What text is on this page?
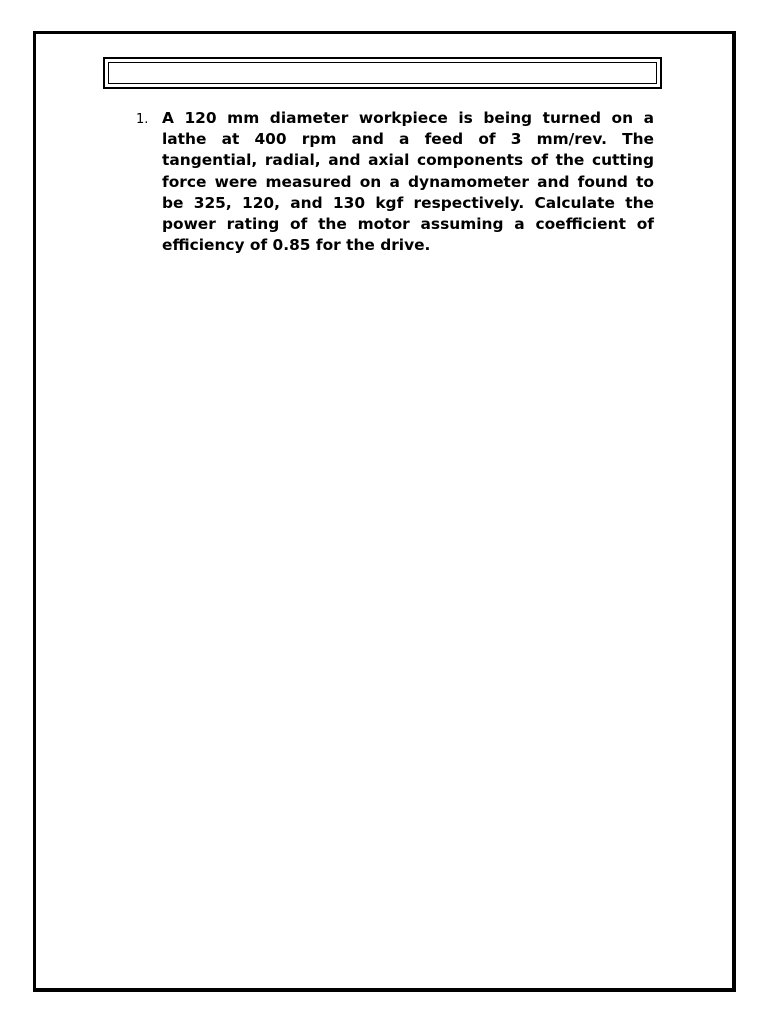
1. A 120 mm diameter workpiece is being turned on a lathe at 400 rpm and a feed of 3 mm/rev. The tangential, radial, and axial components of the cutting force were measured on a dynamometer and found to be 325, 120, and 130 kgf respectively. Calculate the power rating of the motor assuming a coefficient of efficiency of 0.85 for the drive.
